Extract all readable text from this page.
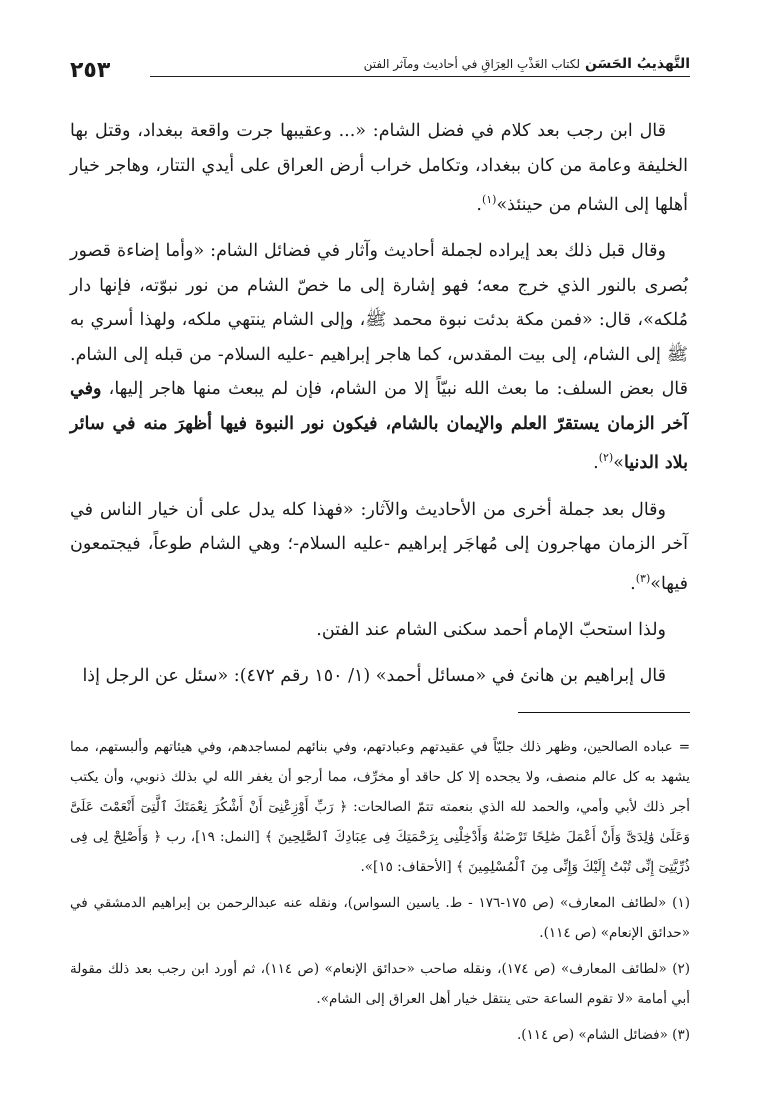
٢٥٣	التَّهذيبُ الحَسَن لكتاب العَذْبِ العِرَاقِ في أحاديث ومآثر الفتن

قال ابن رجب بعد كلام في فضل الشام: «... وعقيبها جرت واقعة ببغداد، وقتل بها الخليفة وعامة من كان ببغداد، وتكامل خراب أرض العراق على أيدي التتار، وهاجر خيار أهلها إلى الشام من حينئذ»$^{(١)}$.

وقال قبل ذلك بعد إيراده لجملة أحاديث وآثار في فضائل الشام: «وأما إضاءة قصور بُصرى بالنور الذي خرج معه؛ فهو إشارة إلى ما خصّ الشام من نور نبوّته، فإنها دار مُلكه»، قال: «فمن مكة بدئت نبوة محمد ﷺ، وإلى الشام ينتهي ملكه، ولهذا أسري به ﷺ إلى الشام، إلى بيت المقدس، كما هاجر إبراهيم -عليه السلام- من قبله إلى الشام. قال بعض السلف: ما بعث الله نبيّاً إلا من الشام، فإن لم يبعث منها هاجر إليها، وفي آخر الزمان يستقرّ العلم والإيمان بالشام، فيكون نور النبوة فيها أظهرَ منه في سائر بلاد الدنيا»$^{(٢)}$.

وقال بعد جملة أخرى من الأحاديث والآثار: «فهذا كله يدل على أن خيار الناس في آخر الزمان مهاجرون إلى مُهاجَر إبراهيم -عليه السلام-؛ وهي الشام طوعاً، فيجتمعون فيها»$^{(٣)}$.

ولذا استحبّ الإمام أحمد سكنى الشام عند الفتن.

قال إبراهيم بن هانئ في «مسائل أحمد» (١/ ١٥٠ رقم ٤٧٢): «سئل عن الرجل إذا

=عباده الصالحين، وظهر ذلك جليّاً في عقيدتهم وعبادتهم، وفي بنائهم لمساجدهم، وفي هيئاتهم وألبستهم، مما يشهد به كل عالم منصف، ولا يجحده إلا كل حاقد أو مخرِّف، مما أرجو أن يغفر الله لي بذلك ذنوبي، وأن يكتب أجر ذلك لأبي وأمي، والحمد لله الذي بنعمته تتمّ الصالحات: ﴿ رَبِّ أَوْزِعْنِىٓ أَنْ أَشْكُرَ نِعْمَتَكَ ٱلَّتِىٓ أَنْعَمْتَ عَلَىَّ وَعَلَىٰ وَٰلِدَىَّ وَأَنْ أَعْمَلَ صَٰلِحًا تَرْضَىٰهُ وَأَدْخِلْنِى بِرَحْمَتِكَ فِى عِبَادِكَ ٱلصَّٰلِحِينَ ﴾ [النمل: ١٩]، رب ﴿ وَأَصْلِحْ لِى فِى ذُرِّيَّتِىٓ إِنِّى تُبْتُ إِلَيْكَ وَإِنِّى مِنَ ٱلْمُسْلِمِينَ ﴾ [الأحقاف: ١٥]».

(١) «لطائف المعارف» (ص ١٧٥-١٧٦ - ط. ياسين السواس)، ونقله عنه عبدالرحمن بن إبراهيم الدمشقي في «حدائق الإنعام» (ص ١١٤).

(٢) «لطائف المعارف» (ص ١٧٤)، ونقله صاحب «حدائق الإنعام» (ص ١١٤)، ثم أورد ابن رجب بعد ذلك مقولة أبي أمامة «لا تقوم الساعة حتى ينتقل خيار أهل العراق إلى الشام».

(٣) «فضائل الشام» (ص ١١٤).
